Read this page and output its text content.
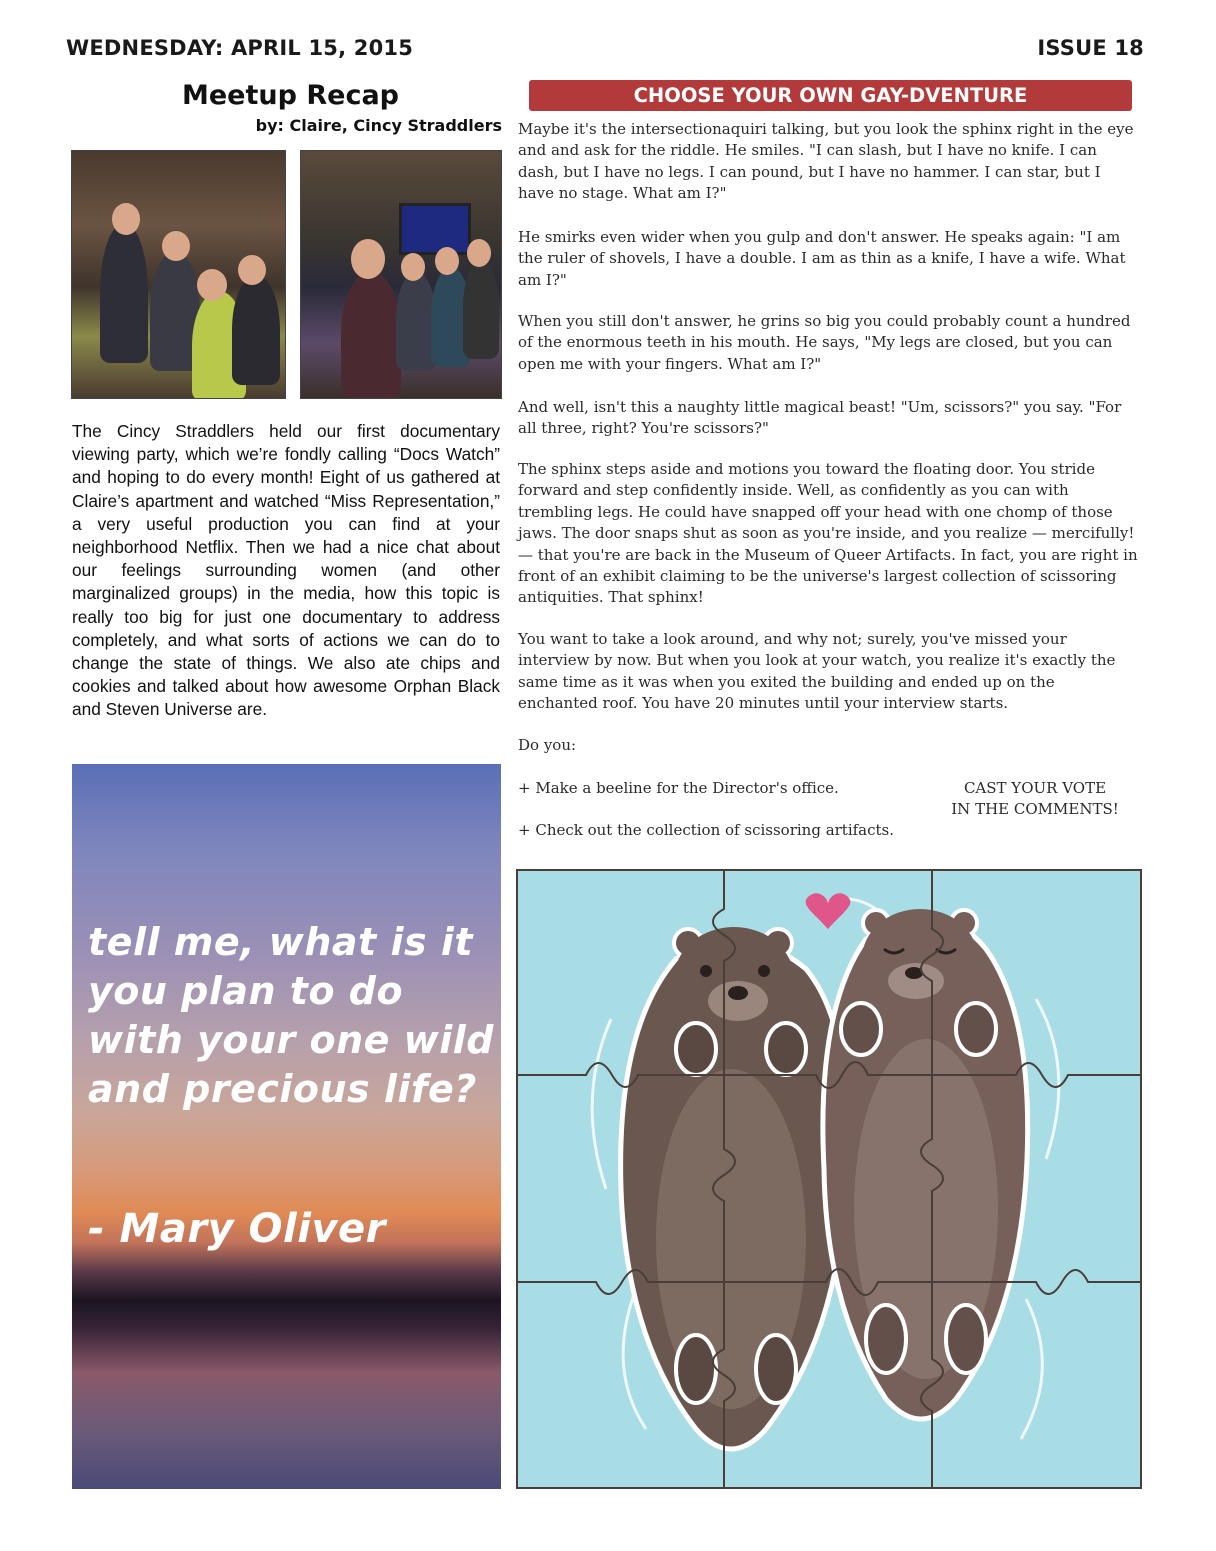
WEDNESDAY: APRIL 15, 2015	ISSUE 18
Meetup Recap
by: Claire, Cincy Straddlers
The Cincy Straddlers held our first documentary viewing party, which we’re fondly calling “Docs Watch” and hoping to do every month! Eight of us gathered at Claire’s apartment and watched “Miss Representation,” a very useful production you can find at your neighborhood Netflix. Then we had a nice chat about our feelings surrounding women (and other marginalized groups) in the media, how this topic is really too big for just one documentary to address completely, and what sorts of actions we can do to change the state of things. We also ate chips and cookies and talked about how awesome Orphan Black and Steven Universe are.
tell me, what is it you plan to do with your one wild and precious life?
- Mary Oliver
CHOOSE YOUR OWN GAY-DVENTURE

Maybe it's the intersectionaquiri talking, but you look the sphinx right in the eye and and ask for the riddle. He smiles. "I can slash, but I have no knife. I can dash, but I have no legs. I can pound, but I have no hammer. I can star, but I have no stage. What am I?"

He smirks even wider when you gulp and don't answer. He speaks again: "I am the ruler of shovels, I have a double. I am as thin as a knife, I have a wife. What am I?"

When you still don't answer, he grins so big you could probably count a hundred of the enormous teeth in his mouth. He says, "My legs are closed, but you can open me with your fingers. What am I?"

And well, isn't this a naughty little magical beast! "Um, scissors?" you say. "For all three, right? You're scissors?"

The sphinx steps aside and motions you toward the floating door. You stride forward and step confidently inside. Well, as confidently as you can with trembling legs. He could have snapped off your head with one chomp of those jaws. The door snaps shut as soon as you're inside, and you realize — mercifully! — that you're are back in the Museum of Queer Artifacts. In fact, you are right in front of an exhibit claiming to be the universe's largest collection of scissoring antiquities. That sphinx!

You want to take a look around, and why not; surely, you've missed your interview by now. But when you look at your watch, you realize it's exactly the same time as it was when you exited the building and ended up on the enchanted roof. You have 20 minutes until your interview starts.

Do you:

+ Make a beeline for the Director's office.

+ Check out the collection of scissoring artifacts.

CAST YOUR VOTE
IN THE COMMENTS!
